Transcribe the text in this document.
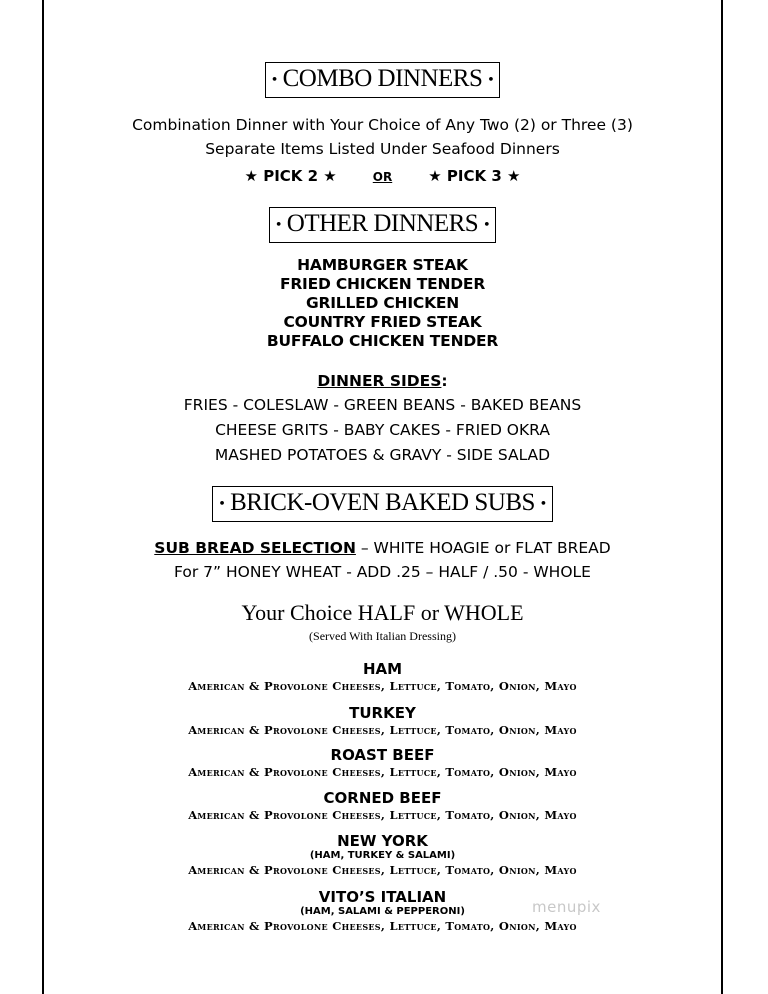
• COMBO DINNERS •
Combination Dinner with Your Choice of Any Two (2) or Three (3)
Separate Items Listed Under Seafood Dinners
★ PICK 2 ★	OR ★ PICK 3 ★
• OTHER DINNERS •
HAMBURGER STEAK
FRIED CHICKEN TENDER
GRILLED CHICKEN
COUNTRY FRIED STEAK
BUFFALO CHICKEN TENDER
DINNER SIDES:
FRIES - COLESLAW - GREEN BEANS - BAKED BEANS
CHEESE GRITS - BABY CAKES - FRIED OKRA
MASHED POTATOES & GRAVY - SIDE SALAD
• BRICK-OVEN BAKED SUBS •
SUB BREAD SELECTION – WHITE HOAGIE or FLAT BREAD
For 7” HONEY WHEAT - ADD .25 – HALF / .50 - WHOLE
Your Choice HALF or WHOLE
(Served With Italian Dressing)
HAM
American & Provolone Cheeses, Lettuce, Tomato, Onion, Mayo
TURKEY
American & Provolone Cheeses, Lettuce, Tomato, Onion, Mayo
ROAST BEEF
American & Provolone Cheeses, Lettuce, Tomato, Onion, Mayo
CORNED BEEF
American & Provolone Cheeses, Lettuce, Tomato, Onion, Mayo
NEW YORK
(HAM, TURKEY & SALAMI)
American & Provolone Cheeses, Lettuce, Tomato, Onion, Mayo
VITO’S ITALIAN
(HAM, SALAMI & PEPPERONI)
American & Provolone Cheeses, Lettuce, Tomato, Onion, Mayo
menupix
